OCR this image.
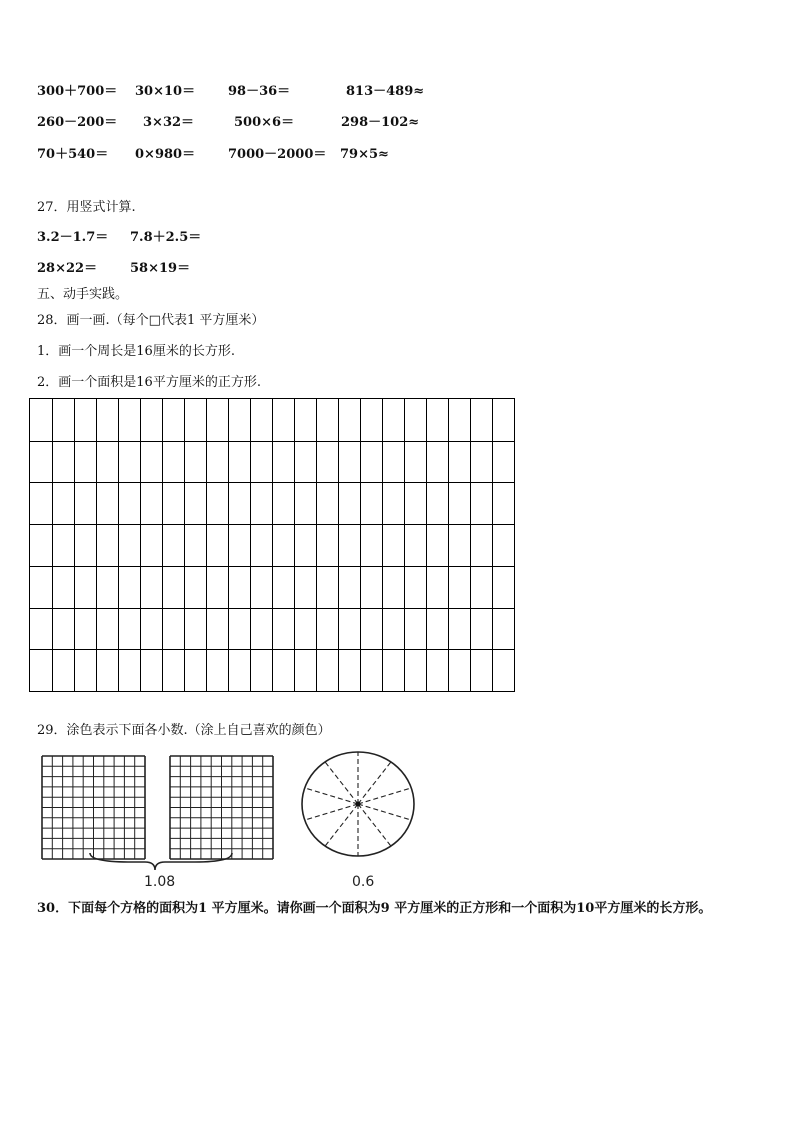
300＋700＝ 30×10＝	98－36＝	813－489≈
260－200＝ 3×32＝	500×6＝	298－102≈
70＋540＝ 0×980＝	7000－2000＝ 79×5≈
27．用竖式计算.
3.2－1.7＝ 7.8＋2.5＝
28×22＝	58×19＝
五、动手实践。
28．画一画.（每个□代表1 平方厘米）
1．画一个周长是16厘米的长方形.
2．画一个面积是16平方厘米的正方形.
29．涂色表示下面各小数.（涂上自己喜欢的颜色）
1.08	0.6
30．下面每个方格的面积为1 平方厘米。请你画一个面积为9 平方厘米的正方形和一个面积为10平方厘米的长方形。
